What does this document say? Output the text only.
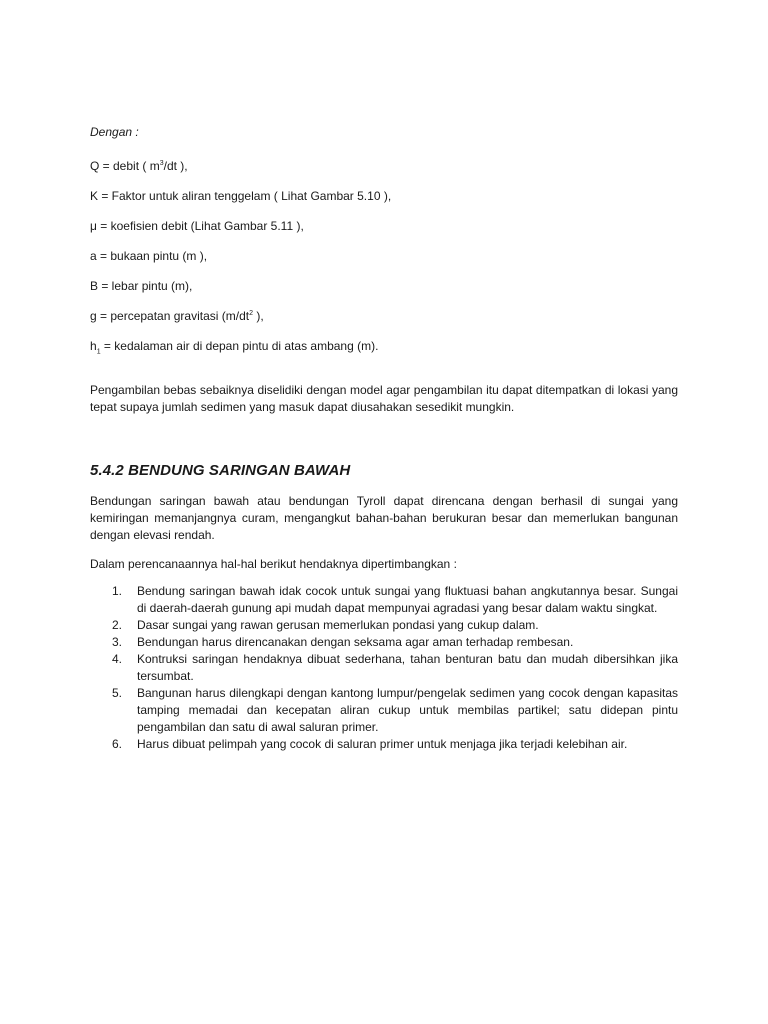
Dengan :

Q = debit ( $m^3/dt$ ),
K = Faktor untuk aliran tenggelam ( Lihat Gambar 5.10 ),
μ = koefisien debit (Lihat Gambar 5.11 ),
a = bukaan pintu (m ),
B = lebar pintu (m),
g = percepatan gravitasi ($m/dt^2$ ),
$h_1$ = kedalaman air di depan pintu di atas ambang (m).

Pengambilan bebas sebaiknya diselidiki dengan model agar pengambilan itu dapat ditempatkan di lokasi yang tepat supaya jumlah sedimen yang masuk dapat diusahakan sesedikit mungkin.

5.4.2 BENDUNG SARINGAN BAWAH

Bendungan saringan bawah atau bendungan Tyroll dapat direncana dengan berhasil di sungai yang kemiringan memanjangnya curam, mengangkut bahan-bahan berukuran besar dan memerlukan bangunan dengan elevasi rendah.

Dalam perencanaannya hal-hal berikut hendaknya dipertimbangkan :

1. Bendung saringan bawah idak cocok untuk sungai yang fluktuasi bahan angkutannya besar. Sungai di daerah-daerah gunung api mudah dapat mempunyai agradasi yang besar dalam waktu singkat.
2. Dasar sungai yang rawan gerusan memerlukan pondasi yang cukup dalam.
3. Bendungan harus direncanakan dengan seksama agar aman terhadap rembesan.
4. Kontruksi saringan hendaknya dibuat sederhana, tahan benturan batu dan mudah dibersihkan jika tersumbat.
5. Bangunan harus dilengkapi dengan kantong lumpur/pengelak sedimen yang cocok dengan kapasitas tamping memadai dan kecepatan aliran cukup untuk membilas partikel; satu didepan pintu pengambilan dan satu di awal saluran primer.
6. Harus dibuat pelimpah yang cocok di saluran primer untuk menjaga jika terjadi kelebihan air.
